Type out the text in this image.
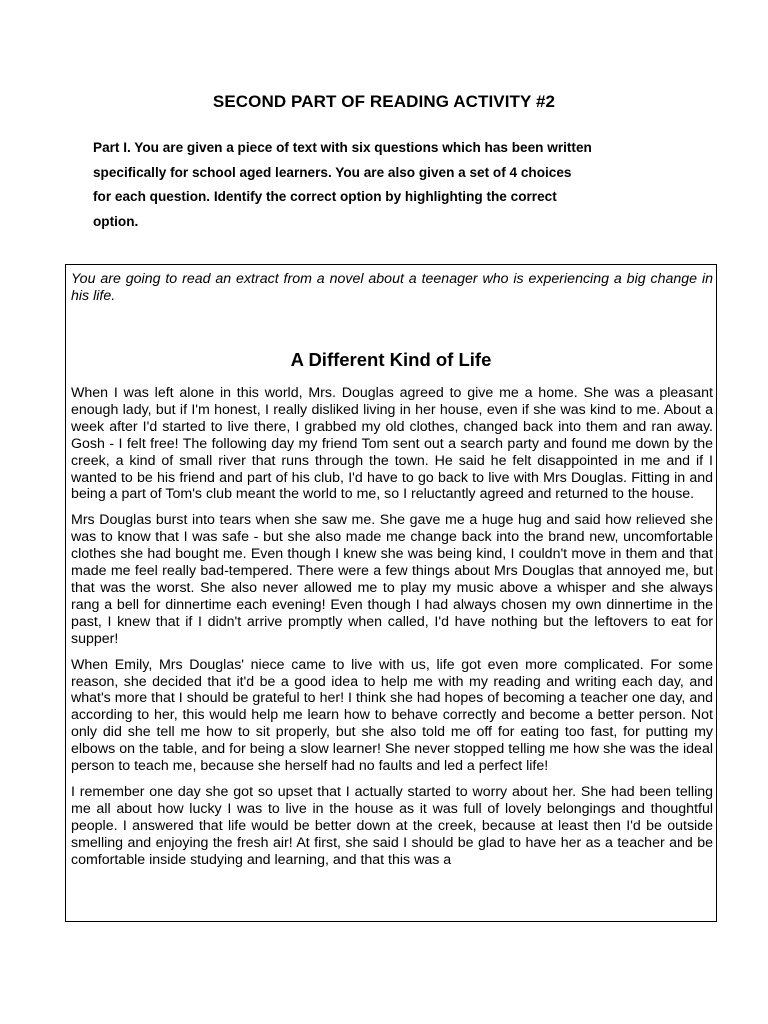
SECOND PART OF READING ACTIVITY #2
Part I. You are given a piece of text with six questions which has been written
specifically for school aged learners. You are also given a set of 4 choices
for each question. Identify the correct option by highlighting the correct
option.

You are going to read an extract from a novel about a teenager who is experiencing a big change in his life.

A Different Kind of Life

When I was left alone in this world, Mrs. Douglas agreed to give me a home. She was a pleasant enough lady, but if I'm honest, I really disliked living in her house, even if she was kind to me. About a week after I'd started to live there, I grabbed my old clothes, changed back into them and ran away. Gosh - I felt free! The following day my friend Tom sent out a search party and found me down by the creek, a kind of small river that runs through the town. He said he felt disappointed in me and if I wanted to be his friend and part of his club, I'd have to go back to live with Mrs Douglas. Fitting in and being a part of Tom's club meant the world to me, so I reluctantly agreed and returned to the house.

Mrs Douglas burst into tears when she saw me. She gave me a huge hug and said how relieved she was to know that I was safe - but she also made me change back into the brand new, uncomfortable clothes she had bought me. Even though I knew she was being kind, I couldn't move in them and that made me feel really bad-tempered. There were a few things about Mrs Douglas that annoyed me, but that was the worst. She also never allowed me to play my music above a whisper and she always rang a bell for dinnertime each evening! Even though I had always chosen my own dinnertime in the past, I knew that if I didn't arrive promptly when called, I'd have nothing but the leftovers to eat for supper!

When Emily, Mrs Douglas' niece came to live with us, life got even more complicated. For some reason, she decided that it'd be a good idea to help me with my reading and writing each day, and what's more that I should be grateful to her! I think she had hopes of becoming a teacher one day, and according to her, this would help me learn how to behave correctly and become a better person. Not only did she tell me how to sit properly, but she also told me off for eating too fast, for putting my elbows on the table, and for being a slow learner! She never stopped telling me how she was the ideal person to teach me, because she herself had no faults and led a perfect life!

I remember one day she got so upset that I actually started to worry about her. She had been telling me all about how lucky I was to live in the house as it was full of lovely belongings and thoughtful people. I answered that life would be better down at the creek, because at least then I'd be outside smelling and enjoying the fresh air! At first, she said I should be glad to have her as a teacher and be comfortable inside studying and learning, and that this was a
